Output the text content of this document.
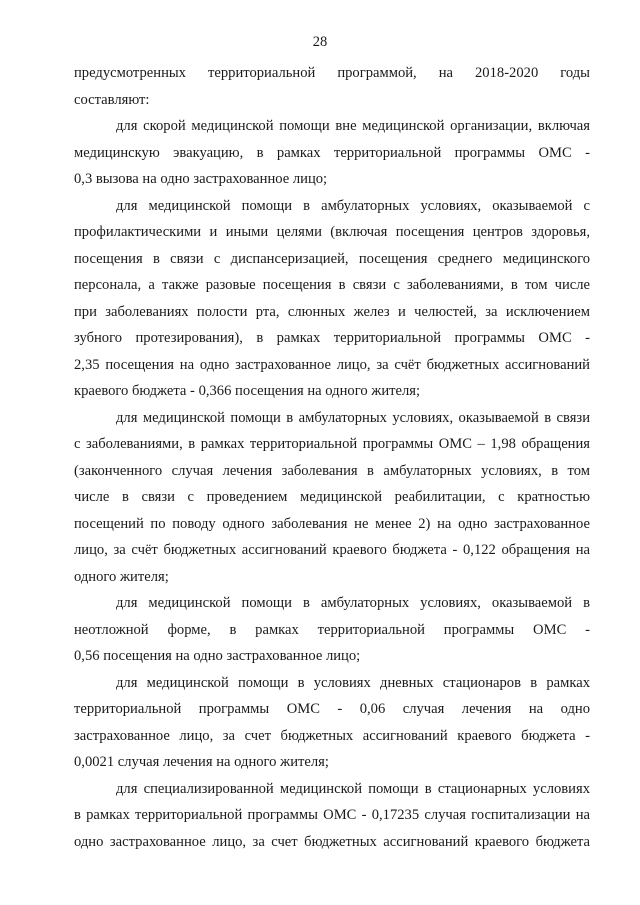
28
предусмотренных территориальной программой, на 2018-2020 годы
составляют:
для скорой медицинской помощи вне медицинской организации, включая
медицинскую эвакуацию, в рамках территориальной программы ОМС -
0,3 вызова на одно застрахованное лицо;
для медицинской помощи в амбулаторных условиях, оказываемой с
профилактическими и иными целями (включая посещения центров здоровья,
посещения в связи с диспансеризацией, посещения среднего медицинского
персонала, а также разовые посещения в связи с заболеваниями, в том числе
при заболеваниях полости рта, слюнных желез и челюстей, за исключением
зубного протезирования), в рамках территориальной программы ОМС -
2,35 посещения на одно застрахованное лицо, за счёт бюджетных ассигнований
краевого бюджета - 0,366 посещения на одного жителя;
для медицинской помощи в амбулаторных условиях, оказываемой в связи
с заболеваниями, в рамках территориальной программы ОМС – 1,98 обращения
(законченного случая лечения заболевания в амбулаторных условиях, в том
числе в связи с проведением медицинской реабилитации, с кратностью
посещений по поводу одного заболевания не менее 2) на одно застрахованное
лицо, за счёт бюджетных ассигнований краевого бюджета - 0,122 обращения на
одного жителя;
для медицинской помощи в амбулаторных условиях, оказываемой в
неотложной форме, в рамках территориальной программы ОМС -
0,56 посещения на одно застрахованное лицо;
для медицинской помощи в условиях дневных стационаров в рамках
территориальной программы ОМС - 0,06 случая лечения на одно
застрахованное лицо, за счет бюджетных ассигнований краевого бюджета -
0,0021 случая лечения на одного жителя;
для специализированной медицинской помощи в стационарных условиях
в рамках территориальной программы ОМС - 0,17235 случая госпитализации на
одно застрахованное лицо, за счет бюджетных ассигнований краевого бюджета
